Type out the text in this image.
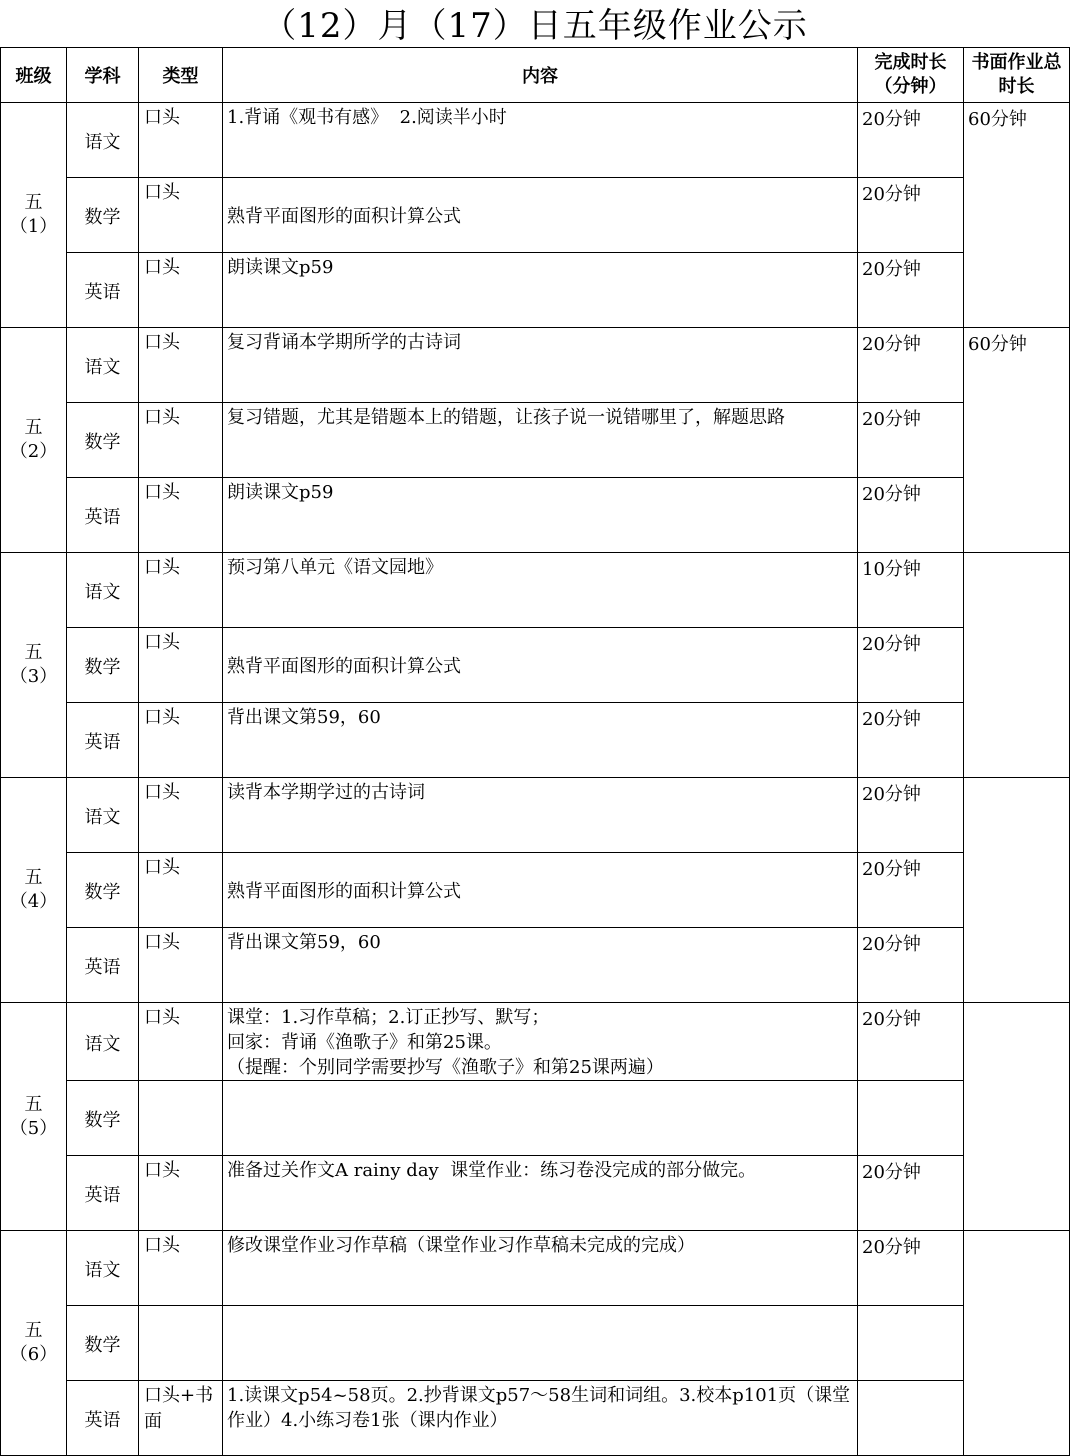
（12）月（17）日五年级作业公示
班级	学科	类型	内容	完成时长（分钟）	书面作业总时长
五
（1）	语文	口头	1.背诵《观书有感》  2.阅读半小时	20分钟	60分钟
	数学	口头	熟背平面图形的面积计算公式	20分钟	
	英语	口头	朗读课文p59	20分钟	
五
（2）	语文	口头	复习背诵本学期所学的古诗词	20分钟	60分钟
	数学	口头	复习错题，尤其是错题本上的错题，让孩子说一说错哪里了，解题思路	20分钟	
	英语	口头	朗读课文p59	20分钟	
五
（3）	语文	口头	预习第八单元《语文园地》	10分钟	
	数学	口头	熟背平面图形的面积计算公式	20分钟	
	英语	口头	背出课文第59，60	20分钟	
五
（4）	语文	口头	读背本学期学过的古诗词	20分钟	
	数学	口头	熟背平面图形的面积计算公式	20分钟	
	英语	口头	背出课文第59，60	20分钟	
五
（5）	语文	口头	课堂：1.习作草稿；2.订正抄写、默写；
回家：背诵《渔歌子》和第25课。
（提醒：个别同学需要抄写《渔歌子》和第25课两遍）	20分钟	
	数学				
	英语	口头	准备过关作文A rainy day  课堂作业：练习卷没完成的部分做完。	20分钟	
五
（6）	语文	口头	修改课堂作业习作草稿（课堂作业习作草稿未完成的完成）	20分钟	
	数学				
	英语	口头+书面	1.读课文p54~58页。2.抄背课文p57～58生词和词组。3.校本p101页（课堂作业）4.小练习卷1张（课内作业）		
